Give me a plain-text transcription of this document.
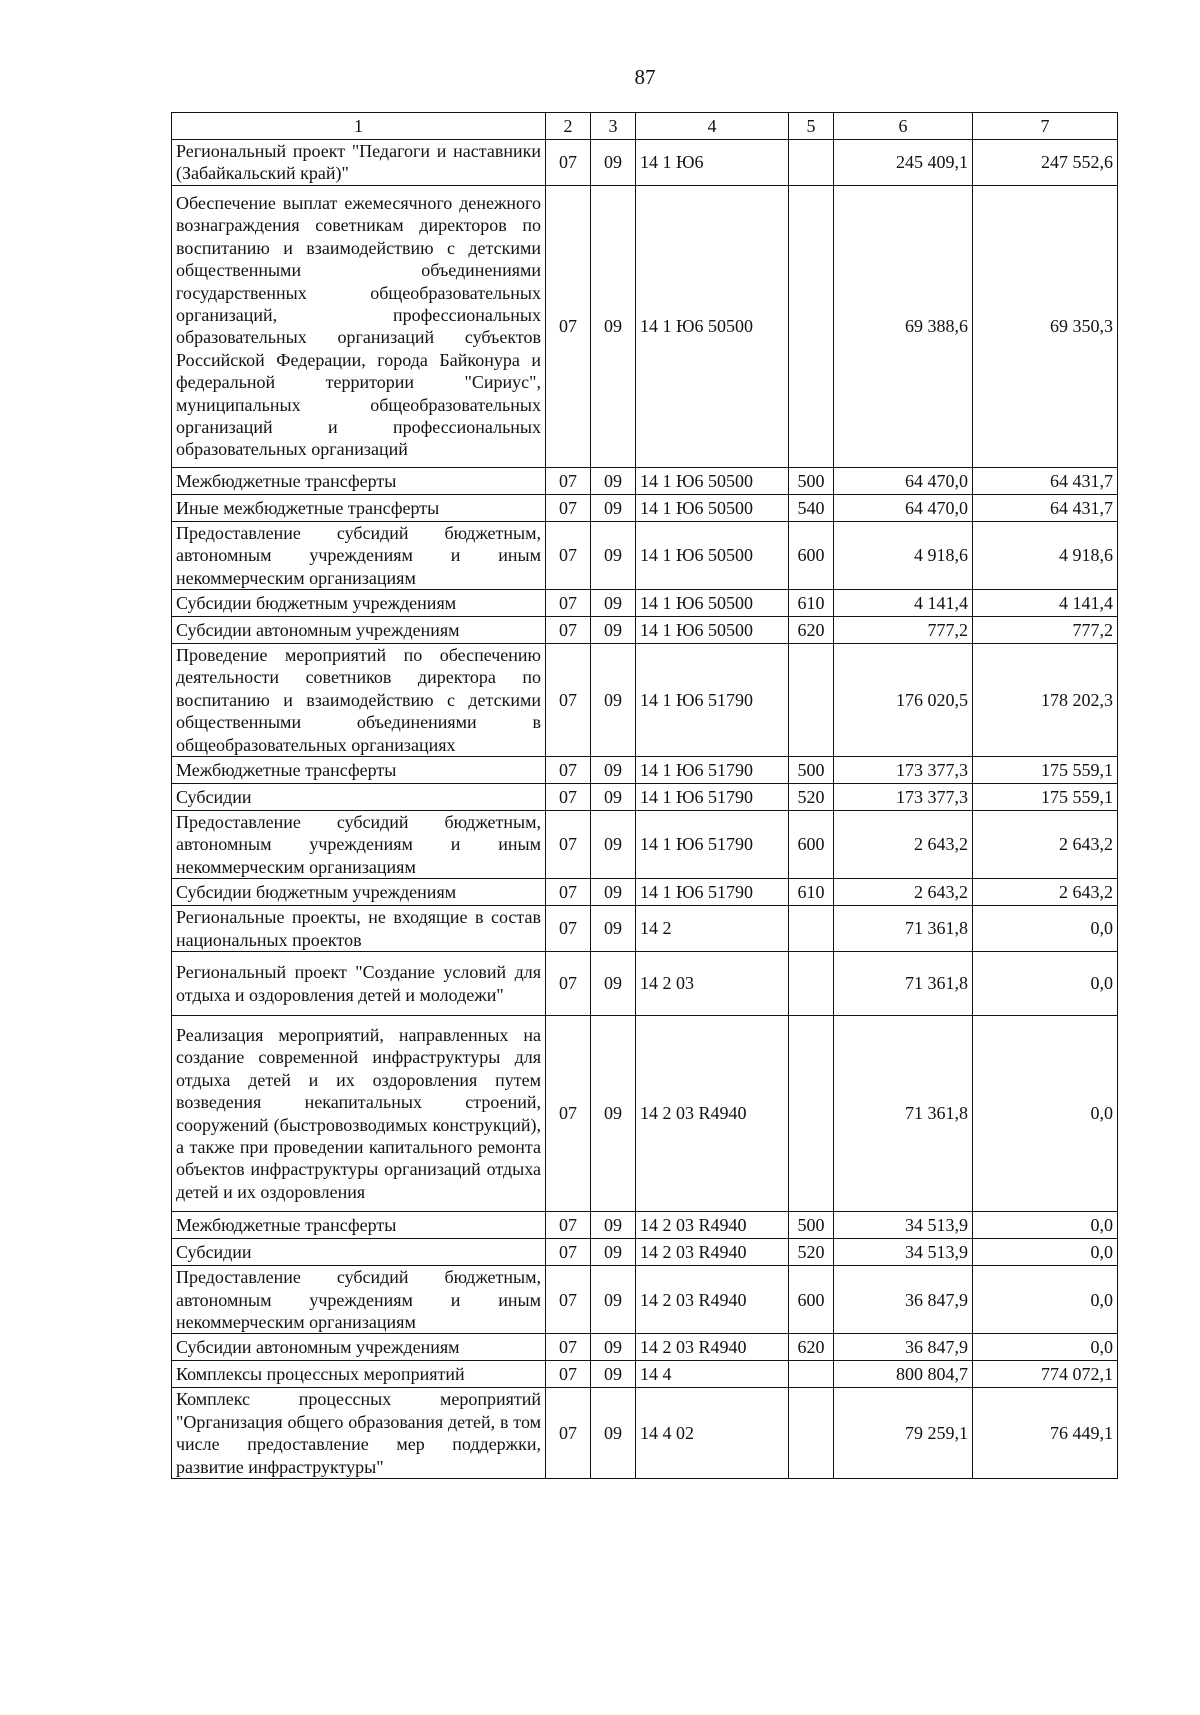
87
1	2	3	4	5	6	7
Региональный проект "Педагоги и наставники (Забайкальский край)"	07	09	14 1 Ю6		245 409,1	247 552,6
Обеспечение выплат ежемесячного денежного вознаграждения советникам директоров по воспитанию и взаимодействию с детскими общественными объединениями государственных общеобразовательных организаций, профессиональных образовательных организаций субъектов Российской Федерации, города Байконура и федеральной территории "Сириус", муниципальных общеобразовательных организаций и профессиональных образовательных организаций	07	09	14 1 Ю6 50500		69 388,6	69 350,3
Межбюджетные трансферты	07	09	14 1 Ю6 50500	500	64 470,0	64 431,7
Иные межбюджетные трансферты	07	09	14 1 Ю6 50500	540	64 470,0	64 431,7
Предоставление субсидий бюджетным, автономным учреждениям и иным некоммерческим организациям	07	09	14 1 Ю6 50500	600	4 918,6	4 918,6
Субсидии бюджетным учреждениям	07	09	14 1 Ю6 50500	610	4 141,4	4 141,4
Субсидии автономным учреждениям	07	09	14 1 Ю6 50500	620	777,2	777,2
Проведение мероприятий по обеспечению деятельности советников директора по воспитанию и взаимодействию с детскими общественными объединениями в общеобразовательных организациях	07	09	14 1 Ю6 51790		176 020,5	178 202,3
Межбюджетные трансферты	07	09	14 1 Ю6 51790	500	173 377,3	175 559,1
Субсидии	07	09	14 1 Ю6 51790	520	173 377,3	175 559,1
Предоставление субсидий бюджетным, автономным учреждениям и иным некоммерческим организациям	07	09	14 1 Ю6 51790	600	2 643,2	2 643,2
Субсидии бюджетным учреждениям	07	09	14 1 Ю6 51790	610	2 643,2	2 643,2
Региональные проекты, не входящие в состав национальных проектов	07	09	14 2		71 361,8	0,0
Региональный проект "Создание условий для отдыха и оздоровления детей и молодежи"	07	09	14 2 03		71 361,8	0,0
Реализация мероприятий, направленных на создание современной инфраструктуры для отдыха детей и их оздоровления путем возведения некапитальных строений, сооружений (быстровозводимых конструкций), а также при проведении капитального ремонта объектов инфраструктуры организаций отдыха детей и их оздоровления	07	09	14 2 03 R4940		71 361,8	0,0
Межбюджетные трансферты	07	09	14 2 03 R4940	500	34 513,9	0,0
Субсидии	07	09	14 2 03 R4940	520	34 513,9	0,0
Предоставление субсидий бюджетным, автономным учреждениям и иным некоммерческим организациям	07	09	14 2 03 R4940	600	36 847,9	0,0
Субсидии автономным учреждениям	07	09	14 2 03 R4940	620	36 847,9	0,0
Комплексы процессных мероприятий	07	09	14 4		800 804,7	774 072,1
Комплекс процессных мероприятий "Организация общего образования детей, в том числе предоставление мер поддержки, развитие инфраструктуры"	07	09	14 4 02		79 259,1	76 449,1
